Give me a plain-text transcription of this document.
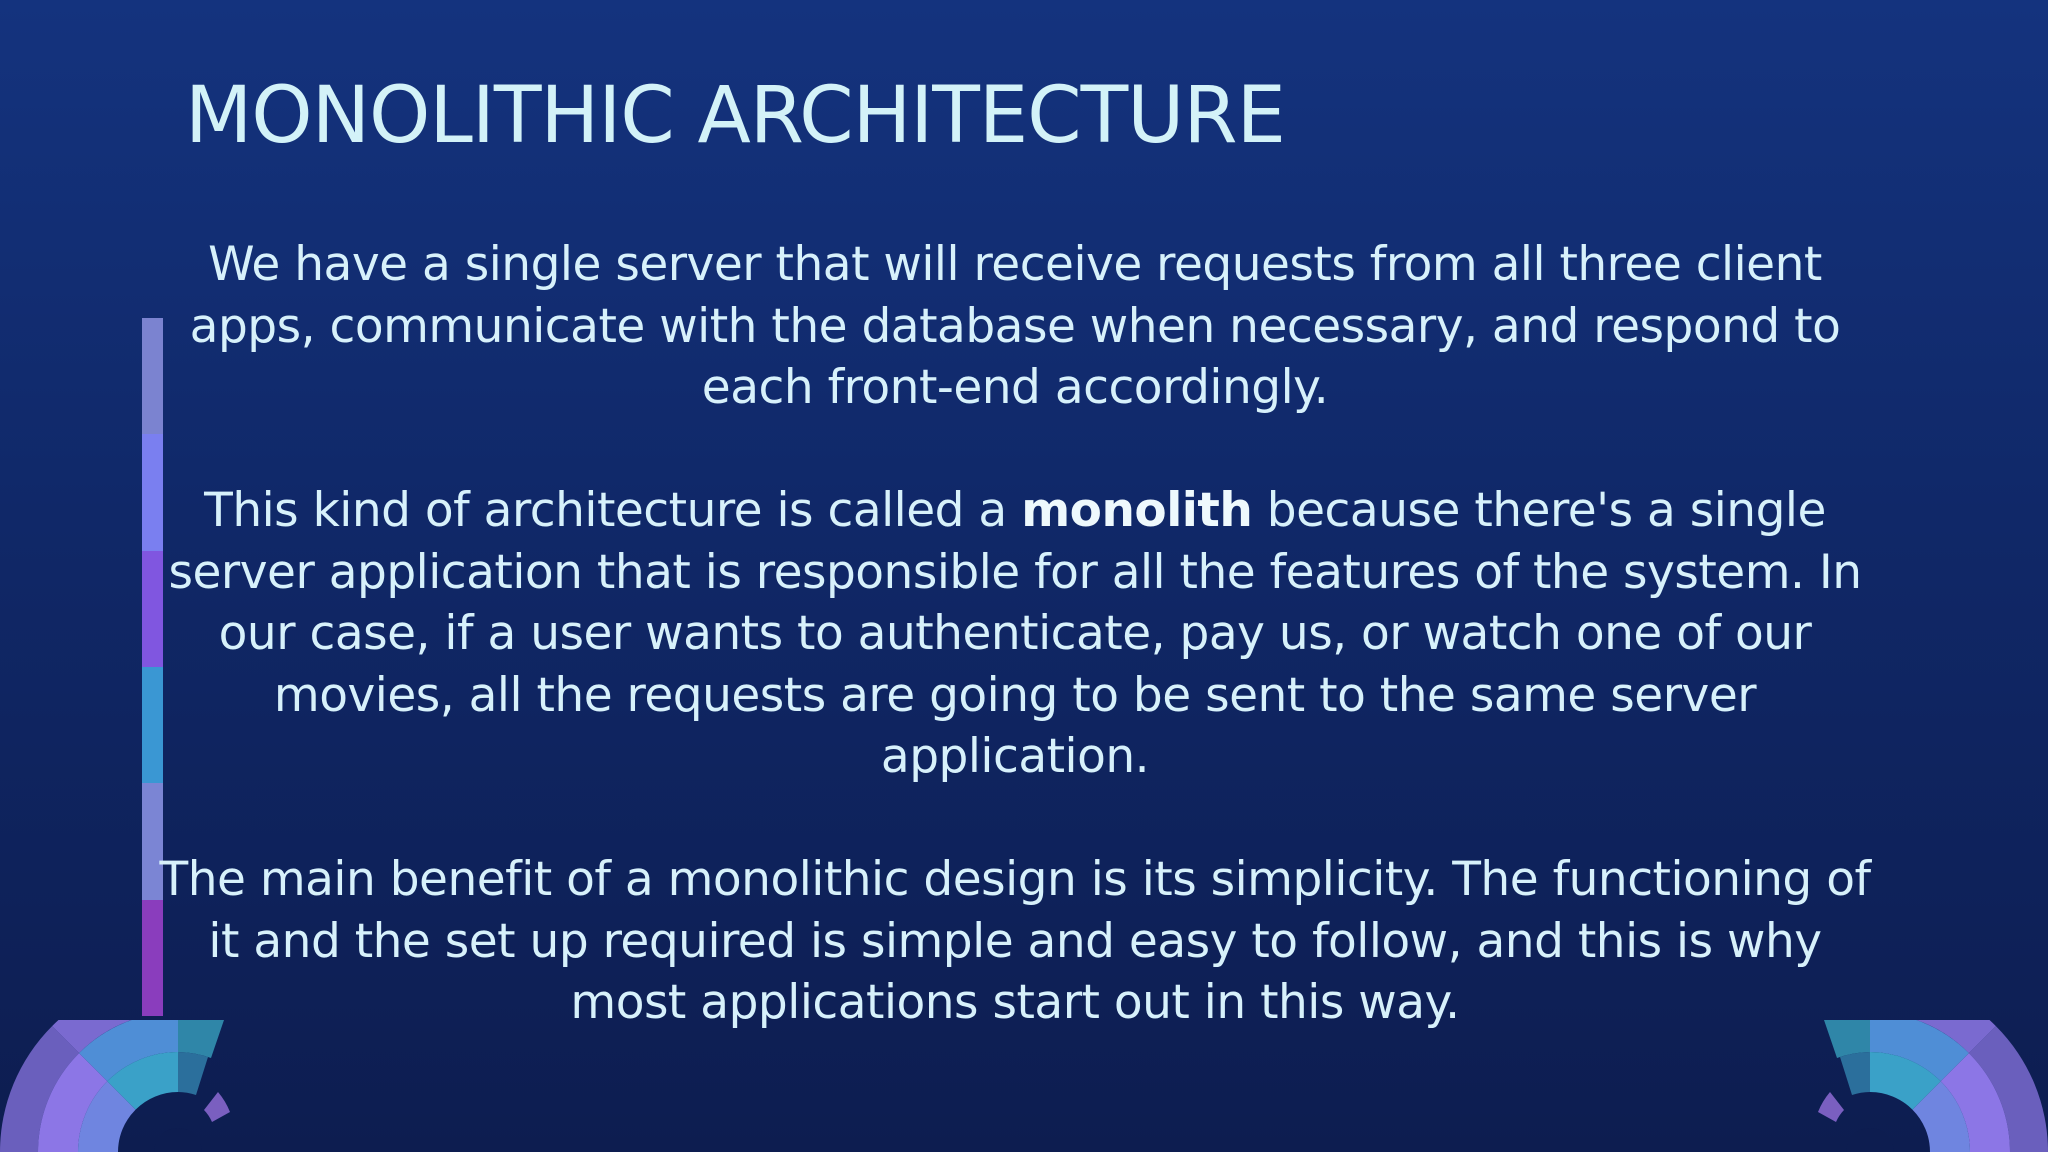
MONOLITHIC ARCHITECTURE

We have a single server that will receive requests from all three client apps, communicate with the database when necessary, and respond to each front-end accordingly.

This kind of architecture is called a monolith because there's a single server application that is responsible for all the features of the system. In our case, if a user wants to authenticate, pay us, or watch one of our movies, all the requests are going to be sent to the same server application.

The main benefit of a monolithic design is its simplicity. The functioning of it and the set up required is simple and easy to follow, and this is why most applications start out in this way.
